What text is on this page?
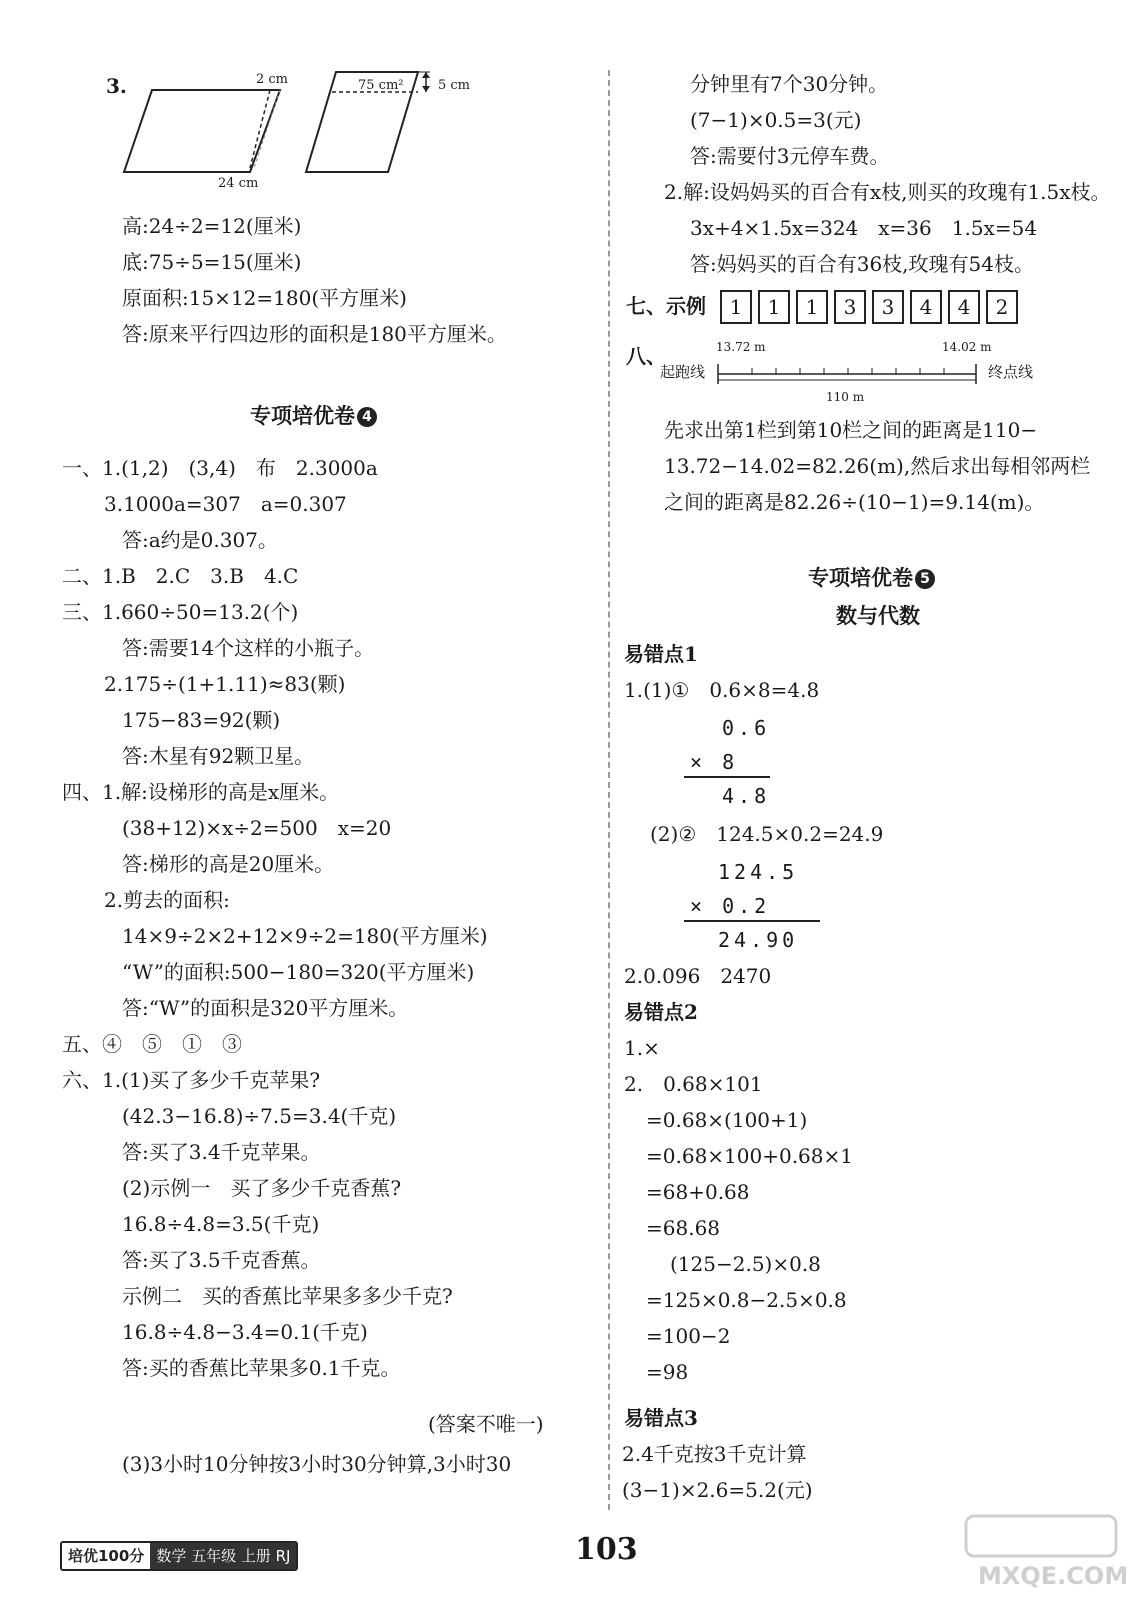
3.	2 cm
24 cm
75 cm²	5 cm
高:24÷2=12(厘米)
底:75÷5=15(厘米)
原面积:15×12=180(平方厘米)
答:原来平行四边形的面积是180平方厘米。
专项培优卷 4
一、1.(1,2)　(3,4)　布　2.3000a
3.1000a=307　a=0.307
答:a约是0.307。
二、1.B　2.C　3.B　4.C
三、1.660÷50=13.2(个)
答:需要14个这样的小瓶子。
2.175÷(1+1.11)≈83(颗)
175−83=92(颗)
答:木星有92颗卫星。
四、1.解:设梯形的高是x厘米。
(38+12)×x÷2=500　x=20
答:梯形的高是20厘米。
2.剪去的面积:
14×9÷2×2+12×9÷2=180(平方厘米)
“W”的面积:500−180=320(平方厘米)
答:“W”的面积是320平方厘米。
五、④　⑤　①　③
六、1.(1)买了多少千克苹果?
(42.3−16.8)÷7.5=3.4(千克)
答:买了3.4千克苹果。
(2)示例一　买了多少千克香蕉?
16.8÷4.8=3.5(千克)
答:买了3.5千克香蕉。
示例二　买的香蕉比苹果多多少千克?
16.8÷4.8−3.4=0.1(千克)
答:买的香蕉比苹果多0.1千克。
(答案不唯一)
(3)3小时10分钟按3小时30分钟算,3小时30
分钟里有7个30分钟。
(7−1)×0.5=3(元)
答:需要付3元停车费。
2.解:设妈妈买的百合有x枝,则买的玫瑰有1.5x枝。
3x+4×1.5x=324　x=36　1.5x=54
答:妈妈买的百合有36枝,玫瑰有54枝。
七、示例	1 1 1 3 3 4 4 2
八、	13.72 m	14.02 m
110 m
起跑线	终点线
先求出第1栏到第10栏之间的距离是110−
13.72−14.02=82.26(m),然后求出每相邻两栏
之间的距离是82.26÷(10−1)=9.14(m)。
专项培优卷 5
数与代数
易错点1
1.(1)①　0.6×8=4.8
0.6
× 8
4.8
(2)②　124.5×0.2=24.9
124.5
× 0.2
24.90
2.0.096　2470
易错点2
1.×
2.　0.68×101
=0.68×(100+1)
=0.68×100+0.68×1
=68+0.68
=68.68
(125−2.5)×0.8
=125×0.8−2.5×0.8
=100−2
=98
易错点3
2.4千克按3千克计算
(3−1)×2.6=5.2(元)
培优100分 数学 五年级 上册 RJ	103
MXQE.COM
